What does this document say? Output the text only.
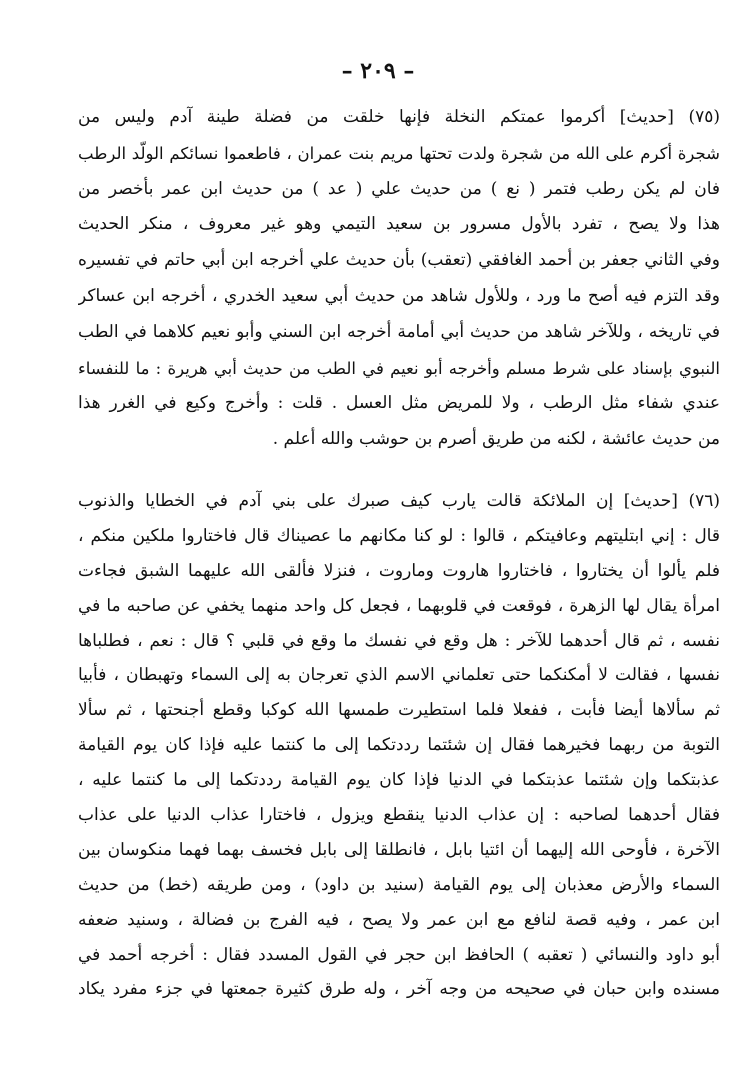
– ٢٠٩ –
(٧٥) [حديث] أكرموا عمتكم النخلة فإنها خلقت من فضلة طينة آدم وليس من
شجرة أكرم على الله من شجرة ولدت تحتها مريم بنت عمران ، فاطعموا نسائكم الولّد الرطب
فان لم يكن رطب فتمر ( نع ) من حديث علي ( عد ) من حديث ابن عمر بأخصر من
هذا ولا يصح ، تفرد بالأول مسرور بن سعيد التيمي وهو غير معروف ، منكر الحديث
وفي الثاني جعفر بن أحمد الغافقي (تعقب) بأن حديث علي أخرجه ابن أبي حاتم في تفسيره
وقد التزم فيه أصح ما ورد ، وللأول شاهد من حديث أبي سعيد الخدري ، أخرجه ابن عساكر
في تاريخه ، وللآخر شاهد من حديث أبي أمامة أخرجه ابن السني وأبو نعيم كلاهما في الطب
النبوي بإسناد على شرط مسلم وأخرجه أبو نعيم في الطب من حديث أبي هريرة : ما للنفساء
عندي شفاء مثل الرطب ، ولا للمريض مثل العسل . قلت : وأخرج وكيع في الغرر هذا
من حديث عائشة ، لكنه من طريق أصرم بن حوشب والله أعلم .
(٧٦) [حديث] إن الملائكة قالت يارب كيف صبرك على بني آدم في الخطايا والذنوب
قال : إني ابتليتهم وعافيتكم ، قالوا : لو كنا مكانهم ما عصيناك قال فاختاروا ملكين منكم ،
فلم يألوا أن يختاروا ، فاختاروا هاروت وماروت ، فنزلا فألقى الله عليهما الشبق فجاءت
امرأة يقال لها الزهرة ، فوقعت في قلوبهما ، فجعل كل واحد منهما يخفي عن صاحبه ما في
نفسه ، ثم قال أحدهما للآخر : هل وقع في نفسك ما وقع في قلبي ؟ قال : نعم ، فطلباها
نفسها ، فقالت لا أمكنكما حتى تعلماني الاسم الذي تعرجان به إلى السماء وتهبطان ، فأبيا
ثم سألاها أيضا فأبت ، ففعلا فلما استطيرت طمسها الله كوكبا وقطع أجنحتها ، ثم سألا
التوبة من ربهما فخيرهما فقال إن شئتما رددتكما إلى ما كنتما عليه فإذا كان يوم القيامة
عذبتكما وإن شئتما عذبتكما في الدنيا فإذا كان يوم القيامة رددتكما إلى ما كنتما عليه ،
فقال أحدهما لصاحبه : إن عذاب الدنيا ينقطع ويزول ، فاختارا عذاب الدنيا على عذاب
الآخرة ، فأوحى الله إليهما أن ائتيا بابل ، فانطلقا إلى بابل فخسف بهما فهما منكوسان بين
السماء والأرض معذبان إلى يوم القيامة (سنيد بن داود) ، ومن طريقه (خط) من حديث
ابن عمر ، وفيه قصة لنافع مع ابن عمر ولا يصح ، فيه الفرج بن فضالة ، وسنيد ضعفه
أبو داود والنسائي ( تعقبه ) الحافظ ابن حجر في القول المسدد فقال : أخرجه أحمد في
مسنده وابن حبان في صحيحه من وجه آخر ، وله طرق كثيرة جمعتها في جزء مفرد يكاد
